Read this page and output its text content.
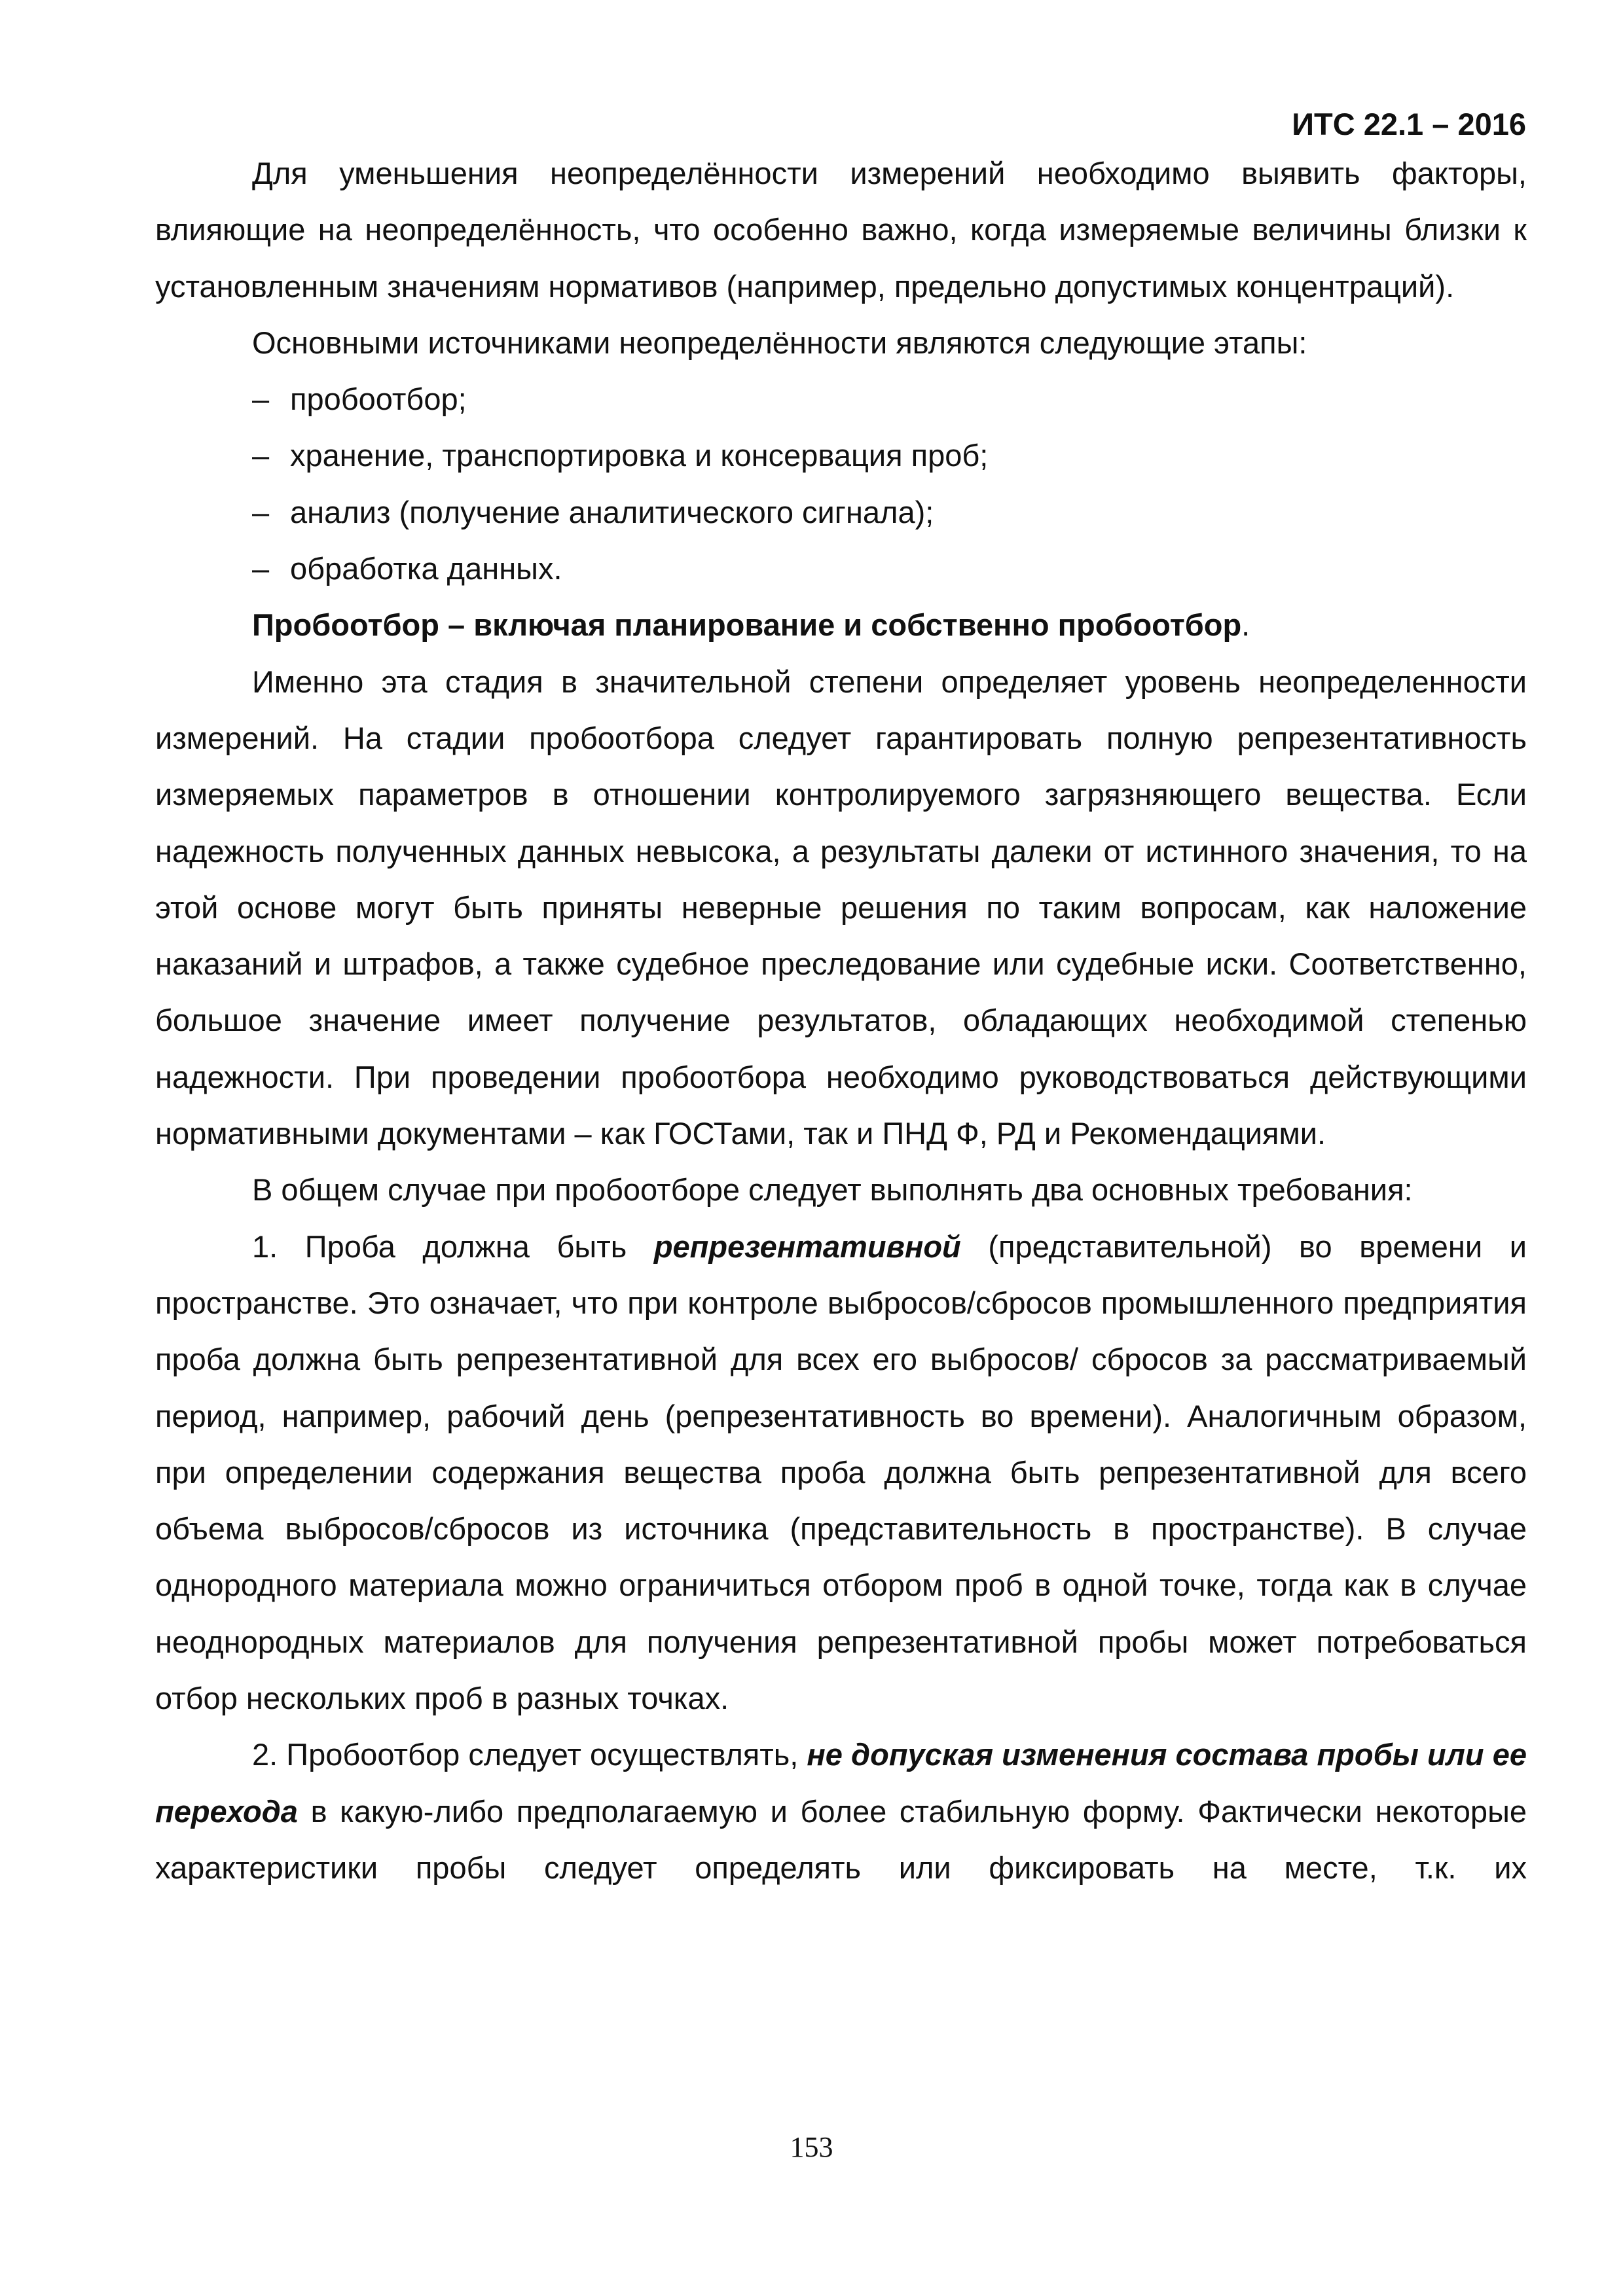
ИТС 22.1 – 2016

Для уменьшения неопределённости измерений необходимо выявить факторы, влияющие на неопределённость, что особенно важно, когда измеряемые величины близки к установленным значениям нормативов (например, предельно допустимых концентраций).

Основными источниками неопределённости являются следующие этапы:

– пробоотбор;

– хранение, транспортировка и консервация проб;

– анализ (получение аналитического сигнала);

– обработка данных.

Пробоотбор – включая планирование и собственно пробоотбор.

Именно эта стадия в значительной степени определяет уровень неопределенности измерений. На стадии пробоотбора следует гарантировать полную репрезентативность измеряемых параметров в отношении контролируемого загрязняющего вещества. Если надежность полученных данных невысока, а результаты далеки от истинного значения, то на этой основе могут быть приняты неверные решения по таким вопросам, как наложение наказаний и штрафов, а также судебное преследование или судебные иски. Соответственно, большое значение имеет получение результатов, обладающих необходимой степенью надежности. При проведении пробоотбора необходимо руководствоваться действующими нормативными документами – как ГОСТами, так и ПНД Ф, РД и Рекомендациями.

В общем случае при пробоотборе следует выполнять два основных требования:

1. Проба должна быть репрезентативной (представительной) во времени и пространстве. Это означает, что при контроле выбросов/сбросов промышленного предприятия проба должна быть репрезентативной для всех его выбросов/ сбросов за рассматриваемый период, например, рабочий день (репрезентативность во времени). Аналогичным образом, при определении содержания вещества проба должна быть репрезентативной для всего объема выбросов/сбросов из источника (представительность в пространстве). В случае однородного материала можно ограничиться отбором проб в одной точке, тогда как в случае неоднородных материалов для получения репрезентативной пробы может потребоваться отбор нескольких проб в разных точках.

2. Пробоотбор следует осуществлять, не допуская изменения состава пробы или ее перехода в какую-либо предполагаемую и более стабильную форму. Фактически некоторые характеристики пробы следует определять или фиксировать на месте, т.к. их

153
